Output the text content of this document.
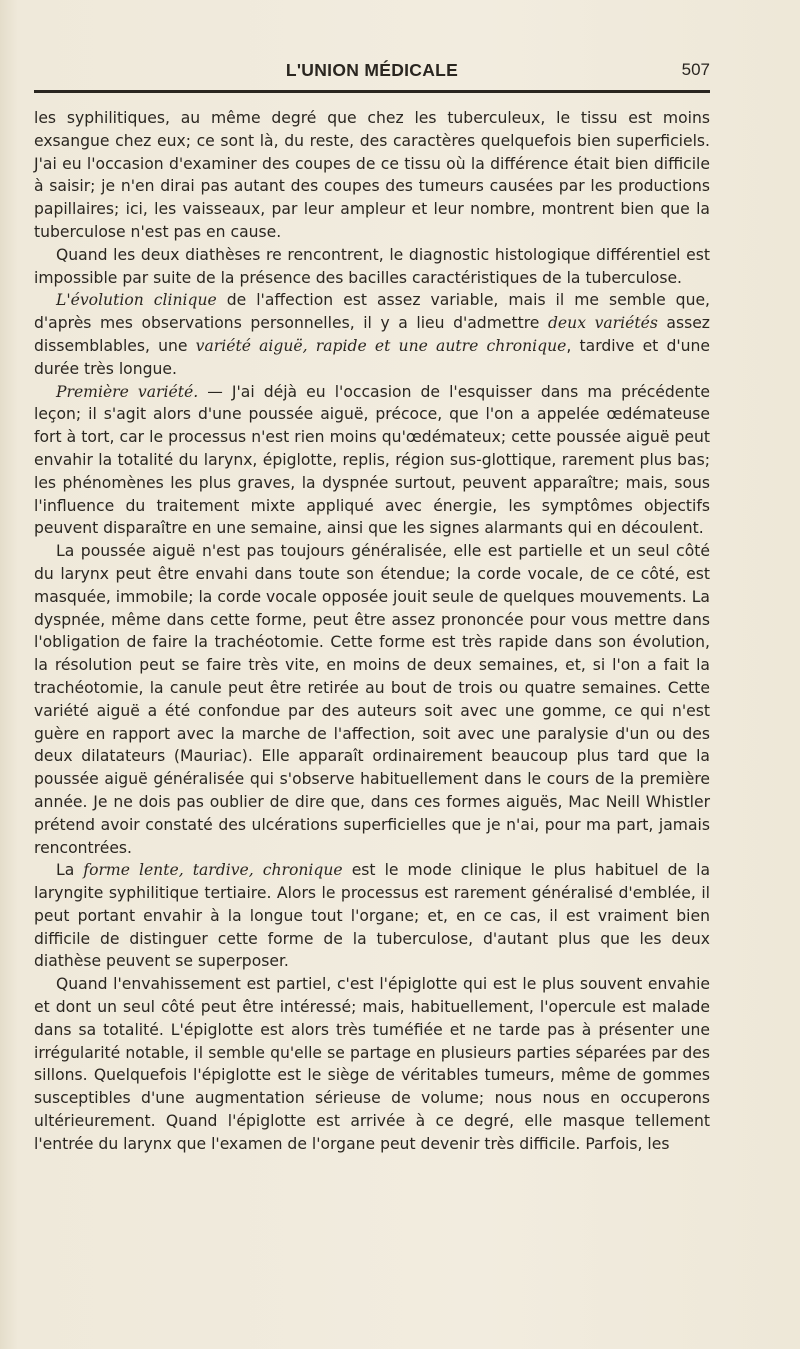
L'UNION MÉDICALE	507

les syphilitiques, au même degré que chez les tuberculeux, le tissu est moins exsangue chez eux; ce sont là, du reste, des caractères quelquefois bien superficiels. J'ai eu l'occasion d'examiner des coupes de ce tissu où la différence était bien difficile à saisir; je n'en dirai pas autant des coupes des tumeurs causées par les productions papillaires; ici, les vaisseaux, par leur ampleur et leur nombre, montrent bien que la tuberculose n'est pas en cause.

Quand les deux diathèses re rencontrent, le diagnostic histologique différentiel est impossible par suite de la présence des bacilles caractéristiques de la tuberculose.

L'évolution clinique de l'affection est assez variable, mais il me semble que, d'après mes observations personnelles, il y a lieu d'admettre deux variétés assez dissemblables, une variété aiguë, rapide et une autre chronique, tardive et d'une durée très longue.

Première variété. — J'ai déjà eu l'occasion de l'esquisser dans ma précédente leçon; il s'agit alors d'une poussée aiguë, précoce, que l'on a appelée œdémateuse fort à tort, car le processus n'est rien moins qu'œdémateux; cette poussée aiguë peut envahir la totalité du larynx, épiglotte, replis, région sus-glottique, rarement plus bas; les phénomènes les plus graves, la dyspnée surtout, peuvent apparaître; mais, sous l'influence du traitement mixte appliqué avec énergie, les symptômes objectifs peuvent disparaître en une semaine, ainsi que les signes alarmants qui en découlent.

La poussée aiguë n'est pas toujours généralisée, elle est partielle et un seul côté du larynx peut être envahi dans toute son étendue; la corde vocale, de ce côté, est masquée, immobile; la corde vocale opposée jouit seule de quelques mouvements. La dyspnée, même dans cette forme, peut être assez prononcée pour vous mettre dans l'obligation de faire la trachéotomie. Cette forme est très rapide dans son évolution, la résolution peut se faire très vite, en moins de deux semaines, et, si l'on a fait la trachéotomie, la canule peut être retirée au bout de trois ou quatre semaines. Cette variété aiguë a été confondue par des auteurs soit avec une gomme, ce qui n'est guère en rapport avec la marche de l'affection, soit avec une paralysie d'un ou des deux dilatateurs (Mauriac). Elle apparaît ordinairement beaucoup plus tard que la poussée aiguë généralisée qui s'observe habituellement dans le cours de la première année. Je ne dois pas oublier de dire que, dans ces formes aiguës, Mac Neill Whistler prétend avoir constaté des ulcérations superficielles que je n'ai, pour ma part, jamais rencontrées.

La forme lente, tardive, chronique est le mode clinique le plus habituel de la laryngite syphilitique tertiaire. Alors le processus est rarement généralisé d'emblée, il peut portant envahir à la longue tout l'organe; et, en ce cas, il est vraiment bien difficile de distinguer cette forme de la tuberculose, d'autant plus que les deux diathèse peuvent se superposer.

Quand l'envahissement est partiel, c'est l'épiglotte qui est le plus souvent envahie et dont un seul côté peut être intéressé; mais, habituellement, l'opercule est malade dans sa totalité. L'épiglotte est alors très tuméfiée et ne tarde pas à présenter une irrégularité notable, il semble qu'elle se partage en plusieurs parties séparées par des sillons. Quelquefois l'épiglotte est le siège de véritables tumeurs, même de gommes susceptibles d'une augmentation sérieuse de volume; nous nous en occuperons ultérieurement. Quand l'épiglotte est arrivée à ce degré, elle masque tellement l'entrée du larynx que l'examen de l'organe peut devenir très difficile. Parfois, les
